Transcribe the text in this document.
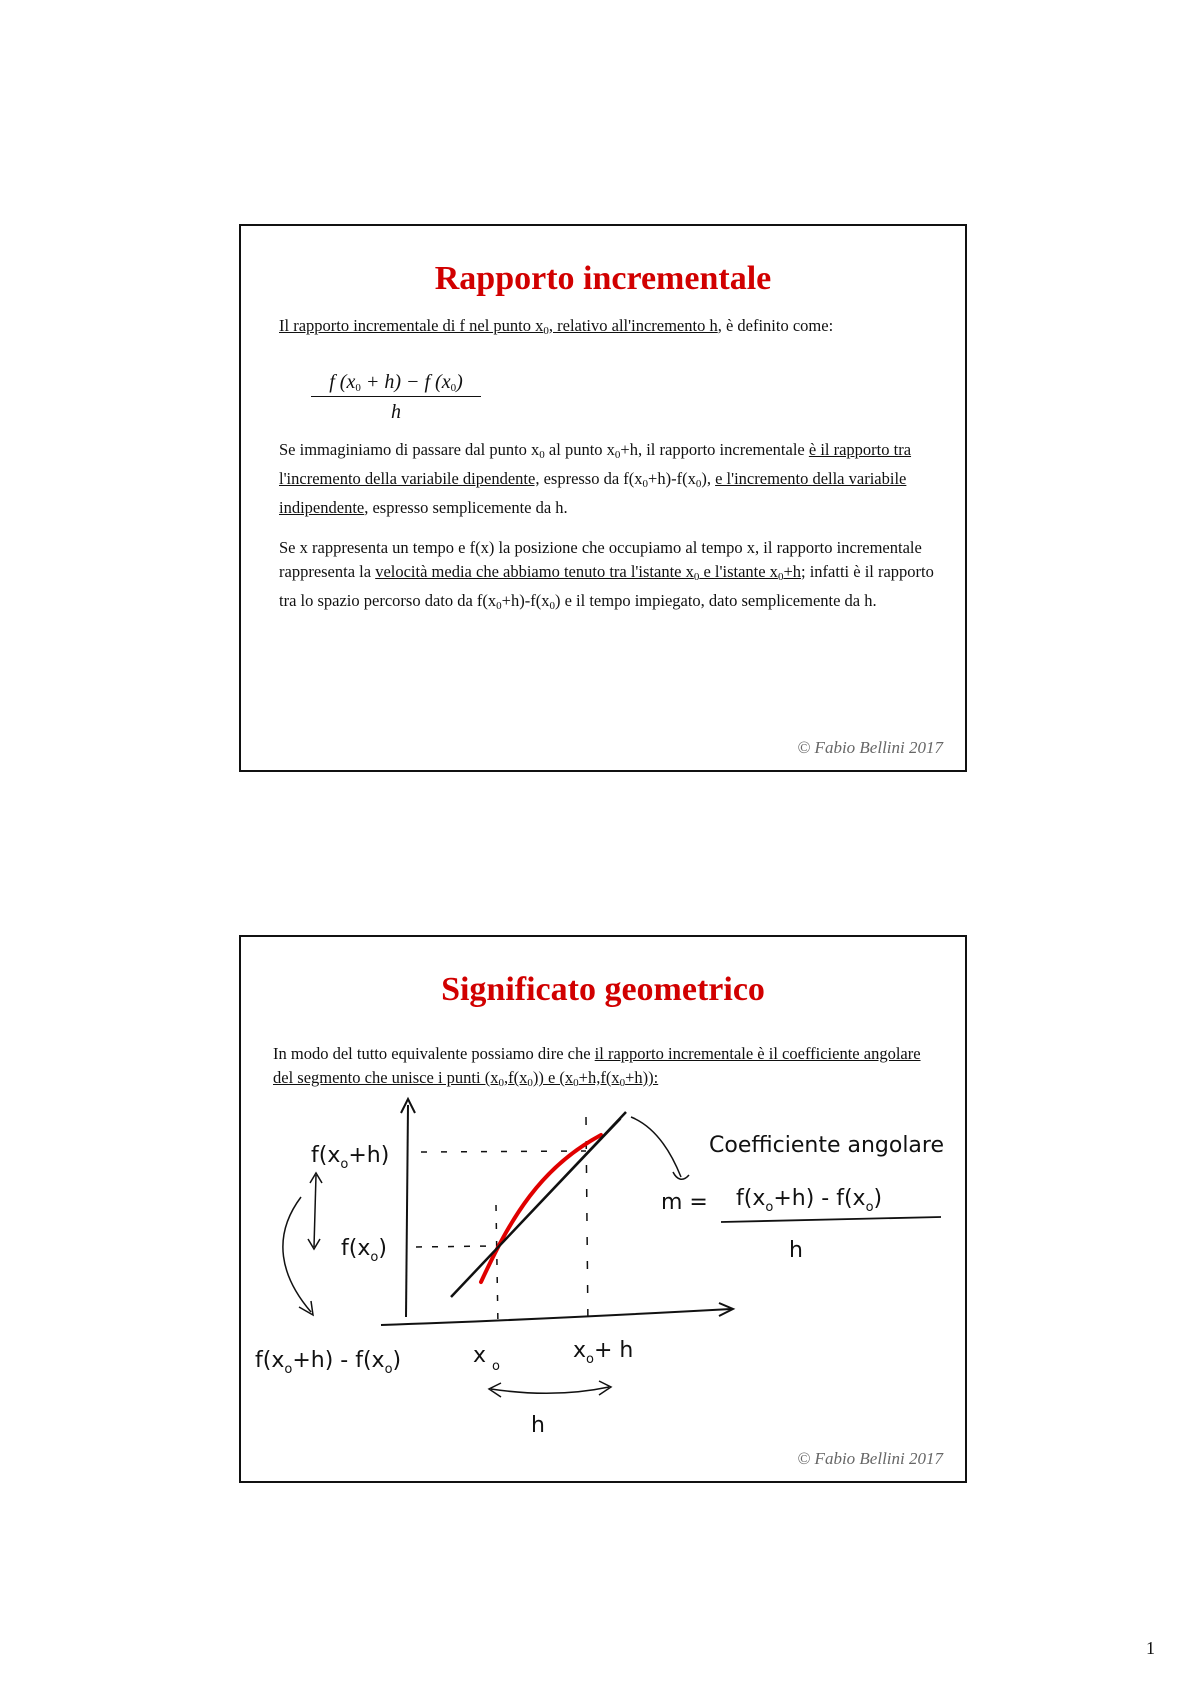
Rapporto incrementale

Il rapporto incrementale di f nel punto $x_0$, relativo all'incremento h, è definito come:

$\frac{f (x_0 + h) - f (x_0)}{h}$

Se immaginiamo di passare dal punto $x_0$ al punto $x_0+h$, il rapporto incrementale è il rapporto tra l'incremento della variabile dipendente, espresso da $f(x_0+h)-f(x_0)$, e l'incremento della variabile indipendente, espresso semplicemente da h.

Se x rappresenta un tempo e f(x) la posizione che occupiamo al tempo x, il rapporto incrementale rappresenta la velocità media che abbiamo tenuto tra l'istante $x_0$ e l'istante $x_0+h$; infatti è il rapporto tra lo spazio percorso dato da $f(x_0+h)-f(x_0)$ e il tempo impiegato, dato semplicemente da h.

© Fabio Bellini 2017
Significato geometrico

In modo del tutto equivalente possiamo dire che il rapporto incrementale è il coefficiente angolare del segmento che unisce i punti $(x_0,f(x_0))$ e $(x_0+h,f(x_0+h))$:

$f(x_o+h)$
$f(x_o)$
$f(x_o+h) - f(x_o)$	x $_o$
$x_o+ h$
h
Coefficiente angolare
$m = f(x_o+h) - f(x_o)$
h
© Fabio Bellini 2017
1
